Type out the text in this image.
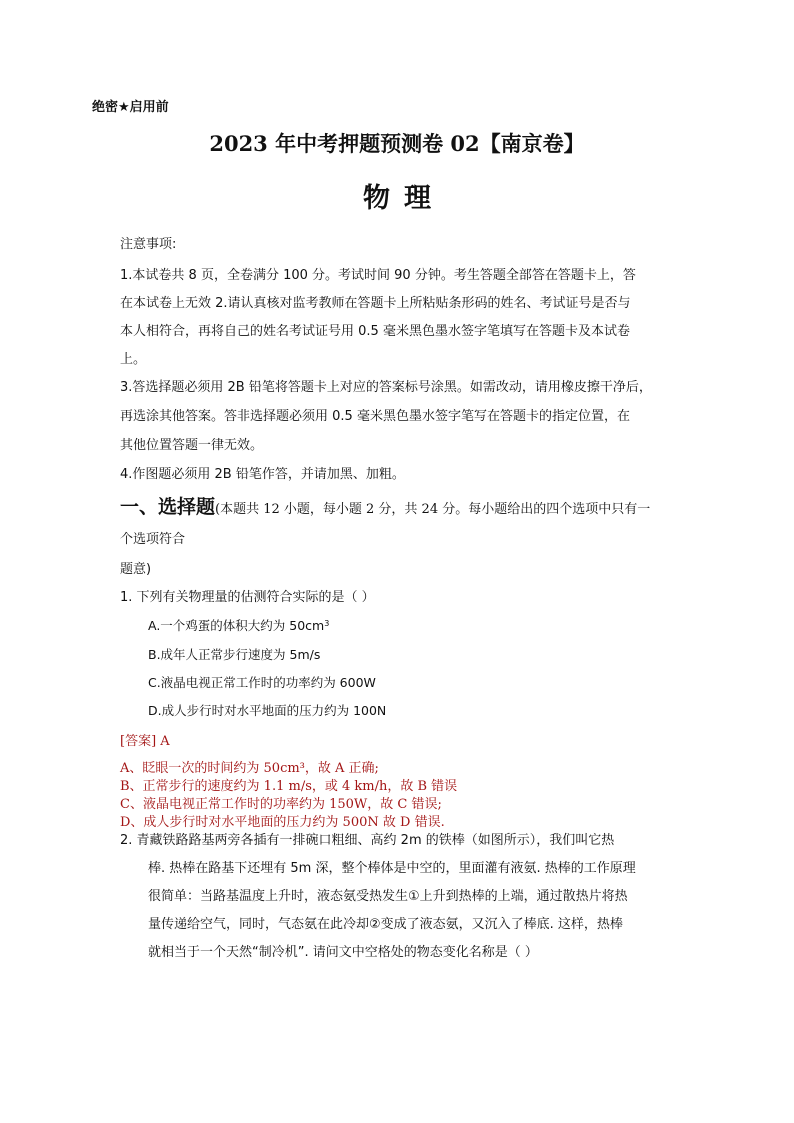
绝密★启用前
2023 年中考押题预测卷 02【南京卷】
物理
注意事项:
1.本试卷共 8 页，全卷满分 100 分。考试时间 90 分钟。考生答题全部答在答题卡上，答
在本试卷上无效 2.请认真核对监考教师在答题卡上所粘贴条形码的姓名、考试证号是否与
本人相符合，再将自己的姓名考试证号用 0.5 毫米黑色墨水签字笔填写在答题卡及本试卷
上。
3.答选择题必须用 2B 铅笔将答题卡上对应的答案标号涂黑。如需改动，请用橡皮擦干净后，
再选涂其他答案。答非选择题必须用 0.5 毫米黑色墨水签字笔写在答题卡的指定位置，在
其他位置答题一律无效。
4.作图题必须用 2B 铅笔作答，并请加黑、加粗。
一、选择题(本题共 12 小题，每小题 2 分，共 24 分。每小题给出的四个选项中只有一
个选项符合
题意)
1. 下列有关物理量的估测符合实际的是（ ）
A.一个鸡蛋的体积大约为 $50cm^3$
B.成年人正常步行速度为 5m/s
C.液晶电视正常工作时的功率约为 600W
D.成人步行时对水平地面的压力约为 100N
[答案] A
A、眨眼一次的时间约为 50cm³，故 A 正确;
B、正常步行的速度约为 1.1 m/s，或 4 km/h，故 B 错误
C、液晶电视正常工作时的功率约为 150W，故 C 错误;
D、成人步行时对水平地面的压力约为 500N 故 D 错误.
2. 青藏铁路路基两旁各插有一排碗口粗细、高约 2m 的铁棒（如图所示），我们叫它热
棒. 热棒在路基下还埋有 5m 深，整个棒体是中空的，里面灌有液氨. 热棒的工作原理
很简单：当路基温度上升时，液态氨受热发生①上升到热棒的上端，通过散热片将热
量传递给空气，同时，气态氨在此冷却②变成了液态氨，又沉入了棒底. 这样，热棒
就相当于一个天然“制冷机”. 请问文中空格处的物态变化名称是（ ）
